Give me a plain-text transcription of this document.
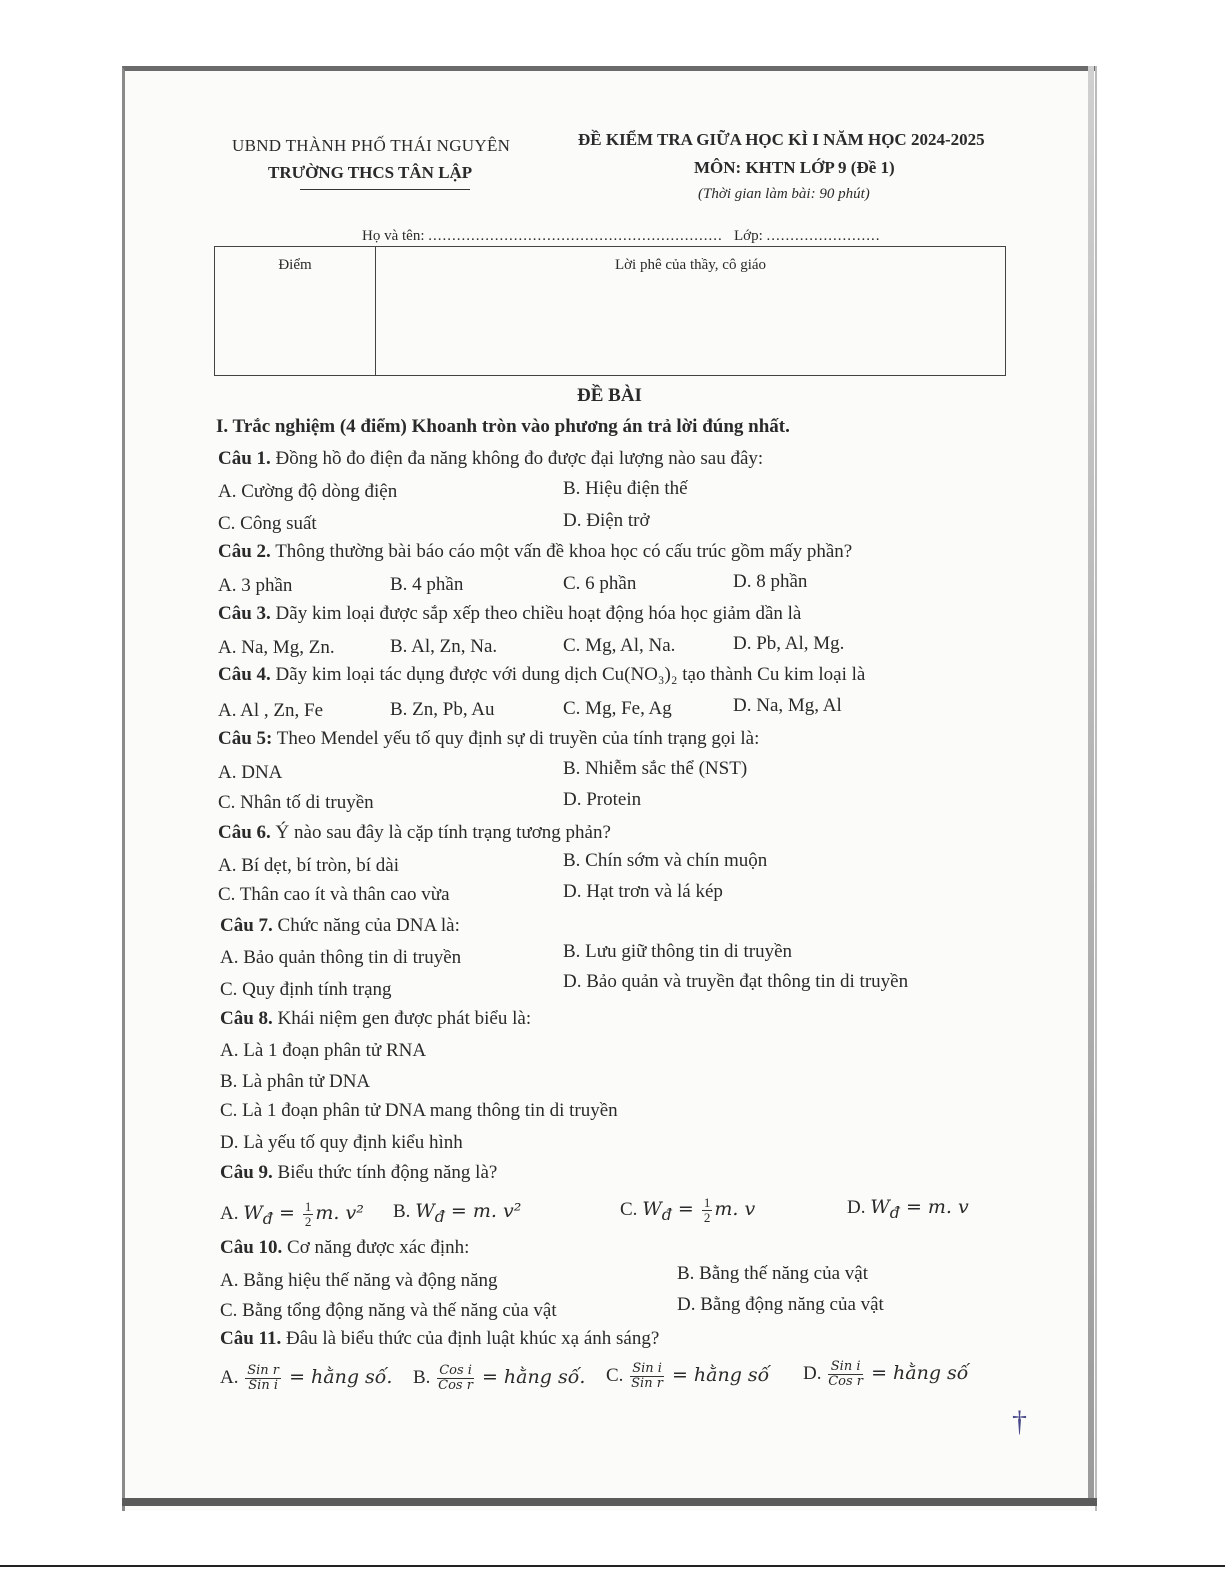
UBND THÀNH PHỐ THÁI NGUYÊN
TRƯỜNG THCS TÂN LẬP
ĐỀ KIỂM TRA GIỮA HỌC KÌ I NĂM HỌC 2024-2025
MÔN: KHTN LỚP 9 (Đề 1)
(Thời gian làm bài: 90 phút)
Họ và tên: .............................................................. Lớp: ........................
Điểm	Lời phê của thầy, cô giáo
ĐỀ BÀI
I. Trắc nghiệm (4 điểm) Khoanh tròn vào phương án trả lời đúng nhất.
Câu 1. Đồng hồ đo điện đa năng không đo được đại lượng nào sau đây:
A. Cường độ dòng điện	B. Hiệu điện thế
C. Công suất	D. Điện trở
Câu 2. Thông thường bài báo cáo một vấn đề khoa học có cấu trúc gồm mấy phần?
A. 3 phần	B. 4 phần	C. 6 phần	D. 8 phần
Câu 3. Dãy kim loại được sắp xếp theo chiều hoạt động hóa học giảm dần là
A. Na, Mg, Zn.	B. Al, Zn, Na.	C. Mg, Al, Na.	D. Pb, Al, Mg.
Câu 4. Dãy kim loại tác dụng được với dung dịch Cu(NO₃)₂ tạo thành Cu kim loại là
A. Al , Zn, Fe	B. Zn, Pb, Au	C. Mg, Fe, Ag	D. Na, Mg, Al
Câu 5: Theo Mendel yếu tố quy định sự di truyền của tính trạng gọi là:
A. DNA	B. Nhiễm sắc thể (NST)
C. Nhân tố di truyền	D. Protein
Câu 6. Ý nào sau đây là cặp tính trạng tương phản?
A. Bí dẹt, bí tròn, bí dài	B. Chín sớm và chín muộn
C. Thân cao ít và thân cao vừa	D. Hạt trơn và lá kép
Câu 7. Chức năng của DNA là:
A. Bảo quản thông tin di truyền	B. Lưu giữ thông tin di truyền
C. Quy định tính trạng	D. Bảo quản và truyền đạt thông tin di truyền
Câu 8. Khái niệm gen được phát biểu là:
A. Là 1 đoạn phân tử RNA
B. Là phân tử DNA
C. Là 1 đoạn phân tử DNA mang thông tin di truyền
D. Là yếu tố quy định kiểu hình
Câu 9. Biểu thức tính động năng là?
A. $W_đ = \frac{1}{2} m$. v² B. $W_đ = m$. v²	C. $W_đ = \frac{1}{2} m$. v	D. $W_đ = m$. v
Câu 10. Cơ năng được xác định:
A. Bằng hiệu thế năng và động năng	B. Bằng thế năng của vật
C. Bằng tổng động năng và thế năng của vật	D. Bằng động năng của vật
Câu 11. Đâu là biểu thức của định luật khúc xạ ánh sáng?
A. $\frac{\text{Sin r}}{\text{Sin i}}$ = hằng số. B. $\frac{\text{Cos i}}{\text{Cos r}}$ = hằng số. C. $\frac{\text{Sin i}}{\text{Sin r}}$ = hằng số D. $\frac{\text{Sin i}}{\text{Cos r}}$ = hằng số
†
